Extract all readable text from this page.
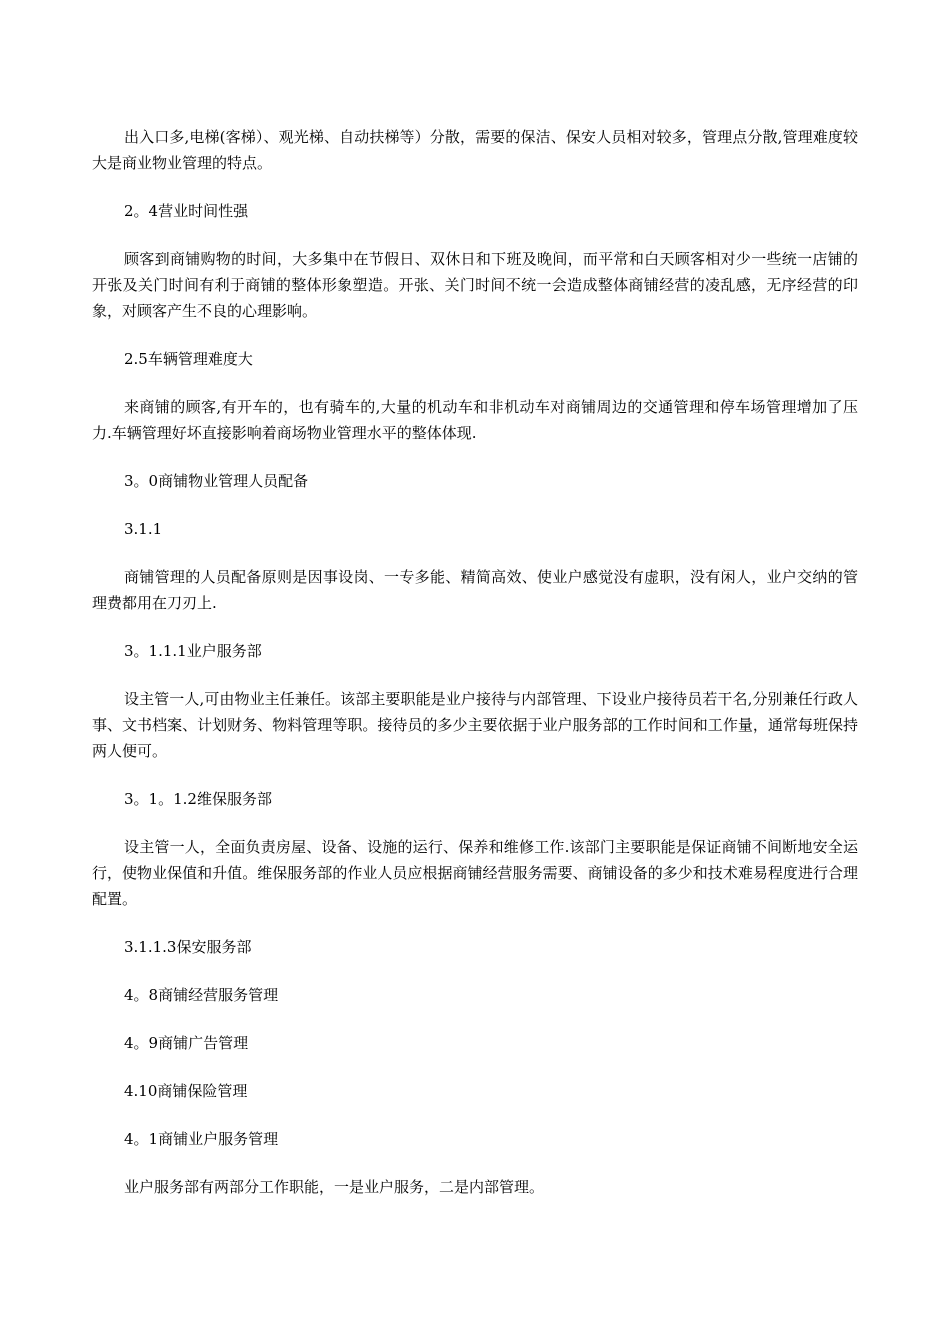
出入口多,电梯(客梯）、观光梯、自动扶梯等）分散，需要的保洁、保安人员相对较多，管理点分散,管理难度较大是商业物业管理的特点。

2。4营业时间性强

顾客到商铺购物的时间，大多集中在节假日、双休日和下班及晚间，而平常和白天顾客相对少一些统一店铺的开张及关门时间有利于商铺的整体形象塑造。开张、关门时间不统一会造成整体商铺经营的凌乱感，无序经营的印象，对顾客产生不良的心理影响。

2.5车辆管理难度大

来商铺的顾客,有开车的，也有骑车的,大量的机动车和非机动车对商铺周边的交通管理和停车场管理增加了压力.车辆管理好坏直接影响着商场物业管理水平的整体体现.

3。0商铺物业管理人员配备

3.1.1

商铺管理的人员配备原则是因事设岗、一专多能、精简高效、使业户感觉没有虚职，没有闲人，业户交纳的管理费都用在刀刃上.

3。1.1.1业户服务部

设主管一人,可由物业主任兼任。该部主要职能是业户接待与内部管理、下设业户接待员若干名,分别兼任行政人事、文书档案、计划财务、物料管理等职。接待员的多少主要依据于业户服务部的工作时间和工作量，通常每班保持两人便可。

3。1。1.2维保服务部

设主管一人，全面负责房屋、设备、设施的运行、保养和维修工作.该部门主要职能是保证商铺不间断地安全运行，使物业保值和升值。维保服务部的作业人员应根据商铺经营服务需要、商铺设备的多少和技术难易程度进行合理配置。

3.1.1.3保安服务部

4。8商铺经营服务管理

4。9商铺广告管理

4.10商铺保险管理

4。1商铺业户服务管理

业户服务部有两部分工作职能，一是业户服务，二是内部管理。
